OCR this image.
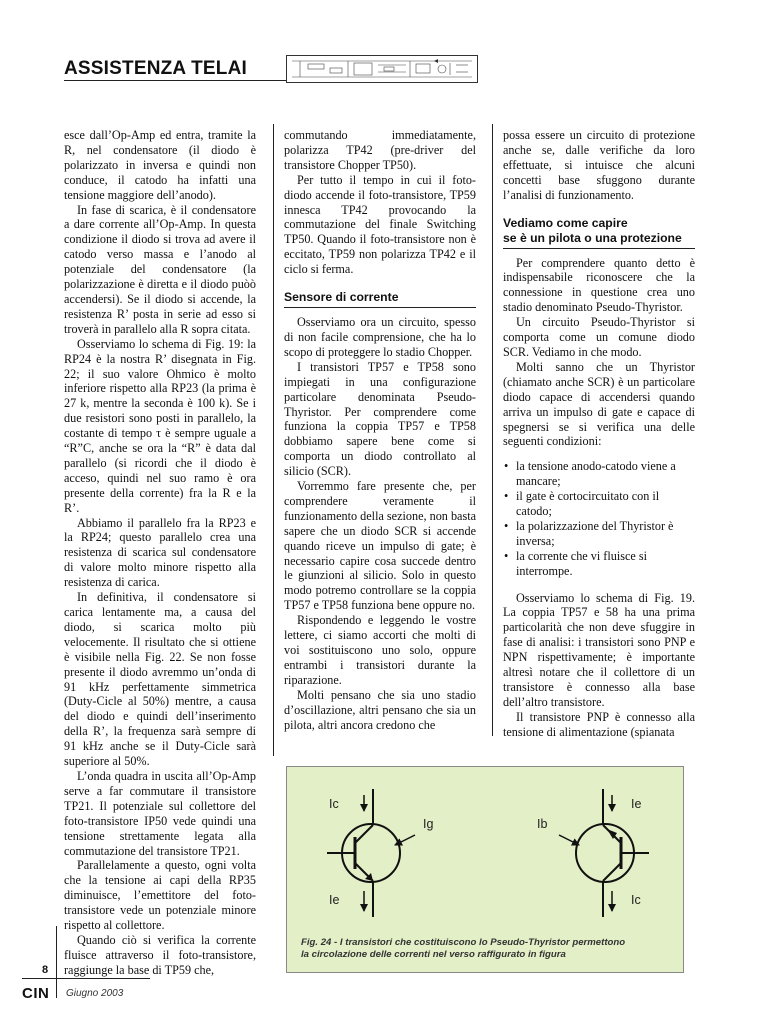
ASSISTENZA TELAI

esce dall’Op-Amp ed entra, tramite la R, nel condensatore (il diodo è polarizzato in inversa e quindi non conduce, il catodo ha infatti una tensione maggiore dell’anodo).

In fase di scarica, è il condensatore a dare corrente all’Op-Amp. In questa condizione il diodo si trova ad avere il catodo verso massa e l’anodo al potenziale del condensatore (la polarizzazione è diretta e il diodo puòò accendersi). Se il diodo si accende, la resistenza R’ posta in serie ad esso si troverà in parallelo alla R sopra citata.

Osserviamo lo schema di Fig. 19: la RP24 è la nostra R’ disegnata in Fig. 22; il suo valore Ohmico è molto inferiore rispetto alla RP23 (la prima è 27 k, mentre la seconda è 100 k). Se i due resistori sono posti in parallelo, la costante di tempo τ è sempre uguale a “R”C, anche se ora la “R” è data dal parallelo (si ricordi che il diodo è acceso, quindi nel suo ramo è ora presente della corrente) fra la R e la R’.

Abbiamo il parallelo fra la RP23 e la RP24; questo parallelo crea una resistenza di scarica sul condensatore di valore molto minore rispetto alla resistenza di carica.

In definitiva, il condensatore si carica lentamente ma, a causa del diodo, si scarica molto più velocemente. Il risultato che si ottiene è visibile nella Fig. 22. Se non fosse presente il diodo avremmo un’onda di 91 kHz perfettamente simmetrica (Duty-Cicle al 50%) mentre, a causa del diodo e quindi dell’inserimento della R’, la frequenza sarà sempre di 91 kHz anche se il Duty-Cicle sarà superiore al 50%.

L’onda quadra in uscita all’Op-Amp serve a far commutare il transistore TP21. Il potenziale sul collettore del foto-transistore IP50 vede quindi una tensione strettamente legata alla commutazione del transistore TP21.

Parallelamente a questo, ogni volta che la tensione ai capi della RP35 diminuisce, l’emettitore del foto-transistore vede un potenziale minore rispetto al collettore.

Quando ciò si verifica la corrente fluisce attraverso il foto-transistore, raggiunge la base di TP59 che,

commutando immediatamente, polarizza TP42 (pre-driver del transistore Chopper TP50).

Per tutto il tempo in cui il foto-diodo accende il foto-transistore, TP59 innesca TP42 provocando la commutazione del finale Switching TP50. Quando il foto-transistore non è eccitato, TP59 non polarizza TP42 e il ciclo si ferma.

Sensore di corrente

Osserviamo ora un circuito, spesso di non facile comprensione, che ha lo scopo di proteggere lo stadio Chopper.

I transistori TP57 e TP58 sono impiegati in una configurazione particolare denominata Pseudo-Thyristor. Per comprendere come funziona la coppia TP57 e TP58 dobbiamo sapere bene come si comporta un diodo controllato al silicio (SCR).

Vorremmo fare presente che, per comprendere veramente il funzionamento della sezione, non basta sapere che un diodo SCR si accende quando riceve un impulso di gate; è necessario capire cosa succede dentro le giunzioni al silicio. Solo in questo modo potremo controllare se la coppia TP57 e TP58 funziona bene oppure no.

Rispondendo e leggendo le vostre lettere, ci siamo accorti che molti di voi sostituiscono uno solo, oppure entrambi i transistori durante la riparazione.

Molti pensano che sia uno stadio d’oscillazione, altri pensano che sia un pilota, altri ancora credono che

possa essere un circuito di protezione anche se, dalle verifiche da loro effettuate, si intuisce che alcuni concetti base sfuggono durante l’analisi di funzionamento.

Vediamo come capire
se è un pilota o una protezione

Per comprendere quanto detto è indispensabile riconoscere che la connessione in questione crea uno stadio denominato Pseudo-Thyristor.

Un circuito Pseudo-Thyristor si comporta come un comune diodo SCR. Vediamo in che modo.

Molti sanno che un Thyristor (chiamato anche SCR) è un particolare diodo capace di accendersi quando arriva un impulso di gate e capace di spegnersi se si verifica una delle seguenti condizioni:

• la tensione anodo-catodo viene a mancare;
• il gate è cortocircuitato con il catodo;
• la polarizzazione del Thyristor è inversa;
• la corrente che vi fluisce si interrompe.

Osserviamo lo schema di Fig. 19. La coppia TP57 e 58 ha una prima particolarità che non deve sfuggire in fase di analisi: i transistori sono PNP e NPN rispettivamente; è importante altresì notare che il collettore di un transistore è connesso alla base dell’altro transistore.

Il transistore PNP è connesso alla tensione di alimentazione (spianata

Ic
Ig
Ie
Ie
Ib
Ic
Fig. 24 - I transistori che costituiscono lo Pseudo-Thyristor permettono
la circolazione delle correnti nel verso raffigurato in figura
8
CIN Giugno 2003
